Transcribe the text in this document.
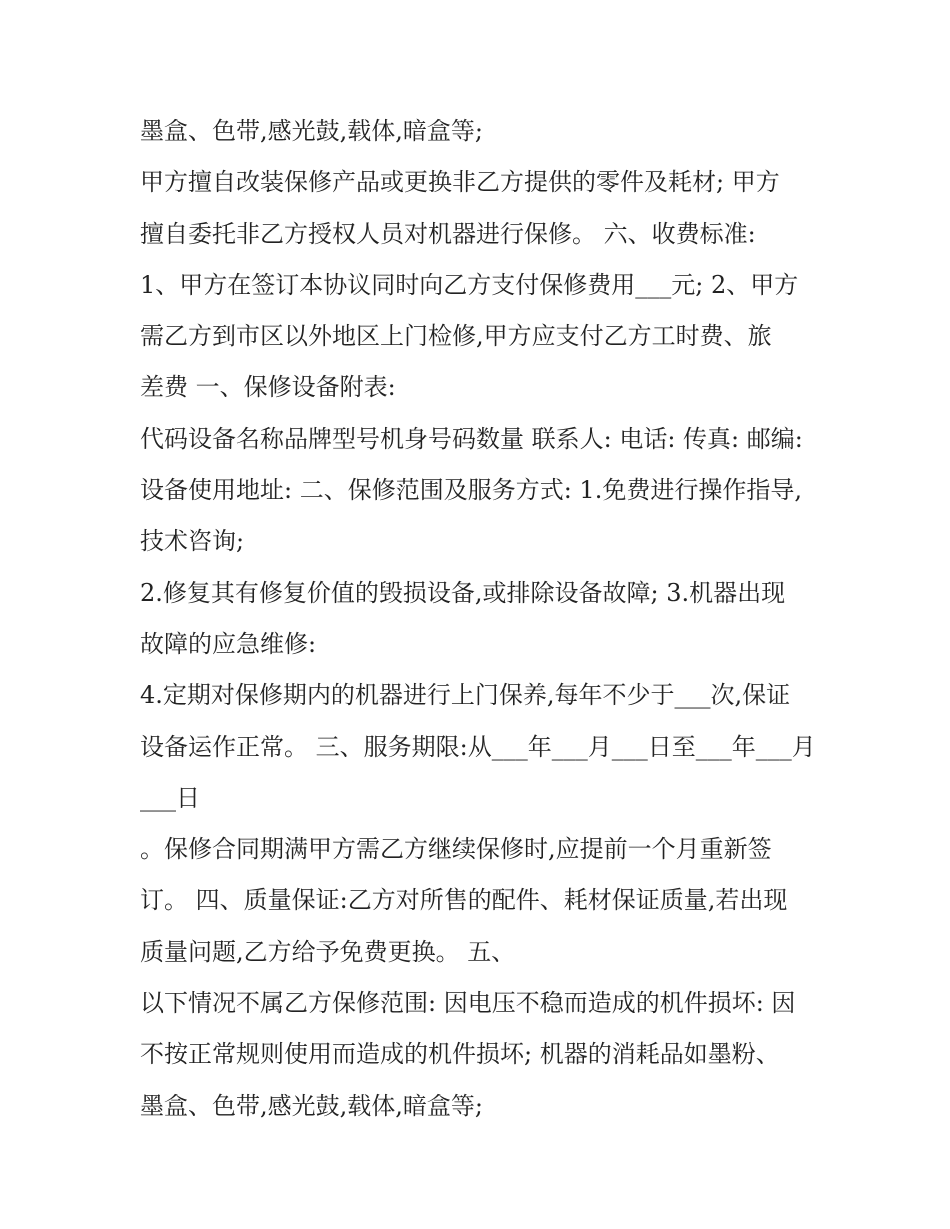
墨盒、色带,感光鼓,载体,暗盒等;
甲方擅自改装保修产品或更换非乙方提供的零件及耗材; 甲方
擅自委托非乙方授权人员对机器进行保修。 六、收费标准:
1、甲方在签订本协议同时向乙方支付保修费用___元; 2、甲方
需乙方到市区以外地区上门检修,甲方应支付乙方工时费、旅
差费 一、保修设备附表:
代码设备名称品牌型号机身号码数量 联系人: 电话: 传真: 邮编:
设备使用地址: 二、保修范围及服务方式: 1.免费进行操作指导,
技术咨询;
2.修复其有修复价值的毁损设备,或排除设备故障; 3.机器出现
故障的应急维修:
4.定期对保修期内的机器进行上门保养,每年不少于___次,保证
设备运作正常。 三、服务期限:从___年___月___日至___年___月
___日
。保修合同期满甲方需乙方继续保修时,应提前一个月重新签
订。 四、质量保证:乙方对所售的配件、耗材保证质量,若出现
质量问题,乙方给予免费更换。 五、
以下情况不属乙方保修范围: 因电压不稳而造成的机件损坏: 因
不按正常规则使用而造成的机件损坏; 机器的消耗品如墨粉、
墨盒、色带,感光鼓,载体,暗盒等;
